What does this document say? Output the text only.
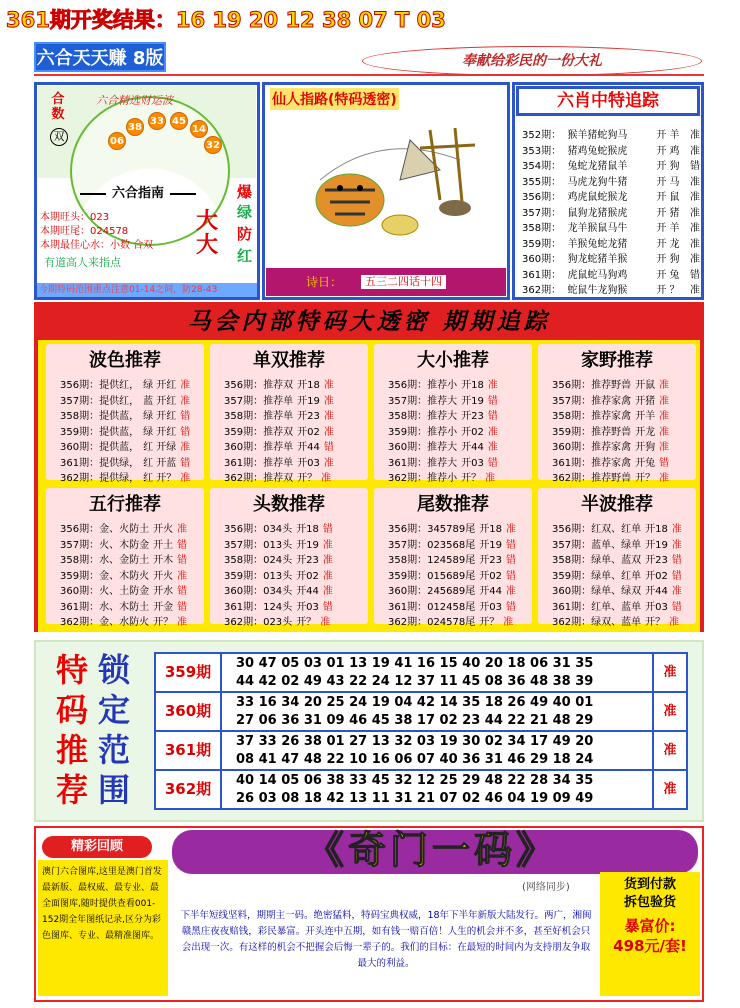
361期开奖结果：16 19 20 12 38 07 T 03
六合天天赚 8版	奉献给彩民的一份大礼
06
38
33 45
14
32
六合精选财运波
合数
双
六合指南
本期旺头：023
本期旺尾：024578
本期最佳心水：小数 合双
有道高人来指点
大
大
爆
绿
防
红
今期特码范围重点注意01-14之间，防28-43
仙人指路(特码透密)
诗日：	五三二四话十四
六肖中特追踪
352期： 猴羊猪蛇狗马	开 羊	准
353期： 猪鸡兔蛇猴虎	开 鸡	准
354期： 兔蛇龙猪鼠羊	开 狗	错
355期： 马虎龙狗牛猪	开 马	准
356期： 鸡虎鼠蛇猴龙	开 鼠	准
357期： 鼠狗龙猪猴虎	开 猪	准
358期： 龙羊猴鼠马牛	开 羊	准
359期： 羊猴兔蛇龙猪	开 龙	准
360期： 狗龙蛇猪羊猴	开 狗	准
361期： 虎鼠蛇马狗鸡	开 兔	错
362期： 蛇鼠牛龙狗猴	开 ？	准
马会内部特码大透密 期期追踪
波色推荐
356期：提供红， 绿 开红 准
357期：提供红， 蓝 开红 准
358期：提供蓝， 绿 开红 错
359期：提供蓝， 绿 开红 错
360期：提供蓝， 红 开绿 准
361期：提供绿， 红 开蓝 错
362期：提供绿， 红 开？ 准
单双推荐
356期：推荐双 开18 准
357期：推荐单 开19 准
358期：推荐单 开23 准
359期：推荐双 开02 准
360期：推荐单 开44 错
361期：推荐单 开03 准
362期：推荐双 开？ 准
大小推荐
356期：推荐小 开18 准
357期：推荐大 开19 错
358期：推荐大 开23 错
359期：推荐小 开02 准
360期：推荐大 开44 准
361期：推荐大 开03 错
362期：推荐小 开？ 准
家野推荐
356期：推荐野兽 开鼠 准
357期：推荐家禽 开猪 准
358期：推荐家禽 开羊 准
359期：推荐野兽 开龙 准
360期：推荐家禽 开狗 准
361期：推荐家禽 开兔 错
362期：推荐野兽 开？ 准
五行推荐
356期：金、火防土 开火 准
357期：火、木防金 开土 错
358期：水、金防土 开木 错
359期：金、木防火 开火 准
360期：火、土防金 开水 错
361期：水、木防土 开金 错
362期：金、水防火 开？ 准
头数推荐
356期：034头 开18 错
357期：013头 开19 准
358期：024头 开23 准
359期：013头 开02 准
360期：034头 开44 准
361期：124头 开03 错
362期：023头 开？ 准
尾数推荐
356期：345789尾 开18 准
357期：023568尾 开19 错
358期：124589尾 开23 错
359期：015689尾 开02 错
360期：245689尾 开44 准
361期：012458尾 开03 错
362期：024578尾 开？ 准
半波推荐
356期：红双、红单 开18 准
357期：蓝单、绿单 开19 准
358期：绿单、蓝双 开23 错
359期：绿单、红单 开02 错
360期：绿单、绿双 开44 准
361期：红单、蓝单 开03 错
362期：绿双、蓝单 开？ 准
特
码
推
荐
锁
定
范
围
359期	30 47 05 03 01 13 19 41 16 15 40 20 18 06 31 35
44 42 02 49 43 22 24 12 37 11 45 08 36 48 38 39
准
360期	33 16 34 20 25 24 19 04 42 14 35 18 26 49 40 01
27 06 36 31 09 46 45 38 17 02 23 44 22 21 48 29
准
361期	37 33 26 38 01 27 13 32 03 19 30 02 34 17 49 20
08 41 47 48 22 10 16 06 07 40 36 31 46 29 18 24
准
362期	40 14 05 06 38 33 45 32 12 25 29 48 22 28 34 35
26 03 08 18 42 13 11 31 21 07 02 46 04 19 09 49
准
精彩回顾
澳门六合图库,这里是澳门首发最新版、最权威、最专业、最全面图库,随时提供查看001-152期全年图纸记录,区分为彩色图库、专业、最精准图库。
《奇门一码》
(网络同步)
下半年短线坚料，期期主一码。绝密猛料，特码宝典权威，18年下半年新版大陆发行。两广，湘闽赣黑庄夜夜赔钱，彩民暴富。开头连中五期，如有钱一赔百倍！人生的机会并不多，甚至好机会只会出现一次。有这样的机会不把握会后悔一辈子的。我们的目标：在最短的时间内为支持朋友争取最大的利益。
货到付款
拆包验货
暴富价:
498元/套!
